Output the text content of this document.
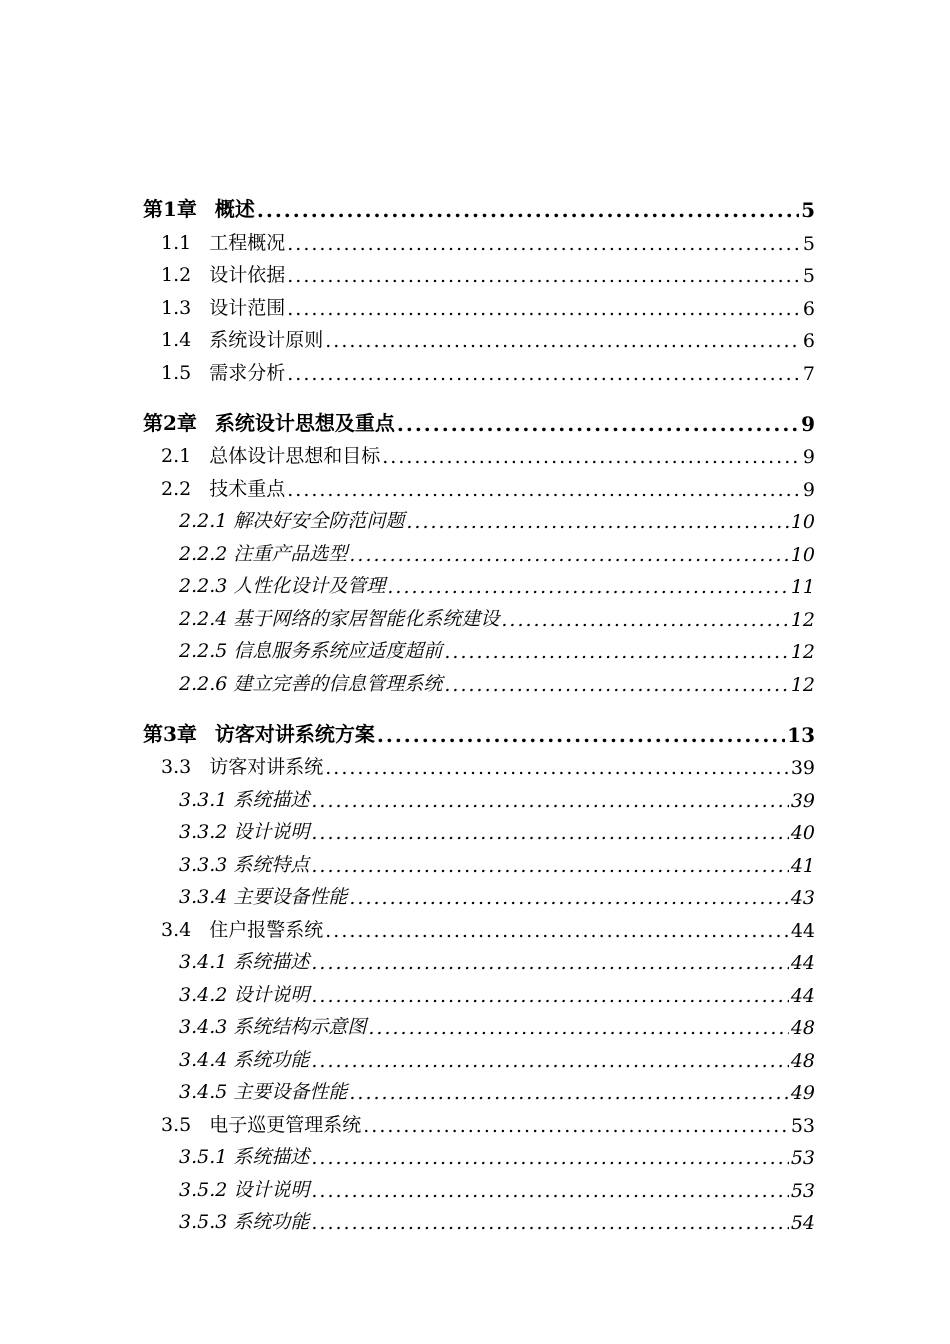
第1章 概述 .....	5
1.1 工程概况 .....	5
1.2 设计依据 .....	5
1.3 设计范围 .....	6
1.4 系统设计原则 .....	6
1.5 需求分析 .....	7
第2章 系统设计思想及重点 .....	9
2.1 总体设计思想和目标 .....	9
2.2 技术重点 .....	9
2.2.1 解决好安全防范问题 .....	10
2.2.2 注重产品选型 .....	10
2.2.3 人性化设计及管理 .....	11
2.2.4 基于网络的家居智能化系统建设 .....	12
2.2.5 信息服务系统应适度超前 .....	12
2.2.6 建立完善的信息管理系统 .....	12
第3章 访客对讲系统方案 .....	13
3.3 访客对讲系统 .....	39
3.3.1 系统描述 .....	39
3.3.2 设计说明 .....	40
3.3.3 系统特点 .....	41
3.3.4 主要设备性能 .....	43
3.4 住户报警系统 .....	44
3.4.1 系统描述 .....	44
3.4.2 设计说明 .....	44
3.4.3 系统结构示意图 .....	48
3.4.4 系统功能 .....	48
3.4.5 主要设备性能 .....	49
3.5 电子巡更管理系统 .....	53
3.5.1 系统描述 .....	53
3.5.2 设计说明 .....	53
3.5.3 系统功能 .....	54
